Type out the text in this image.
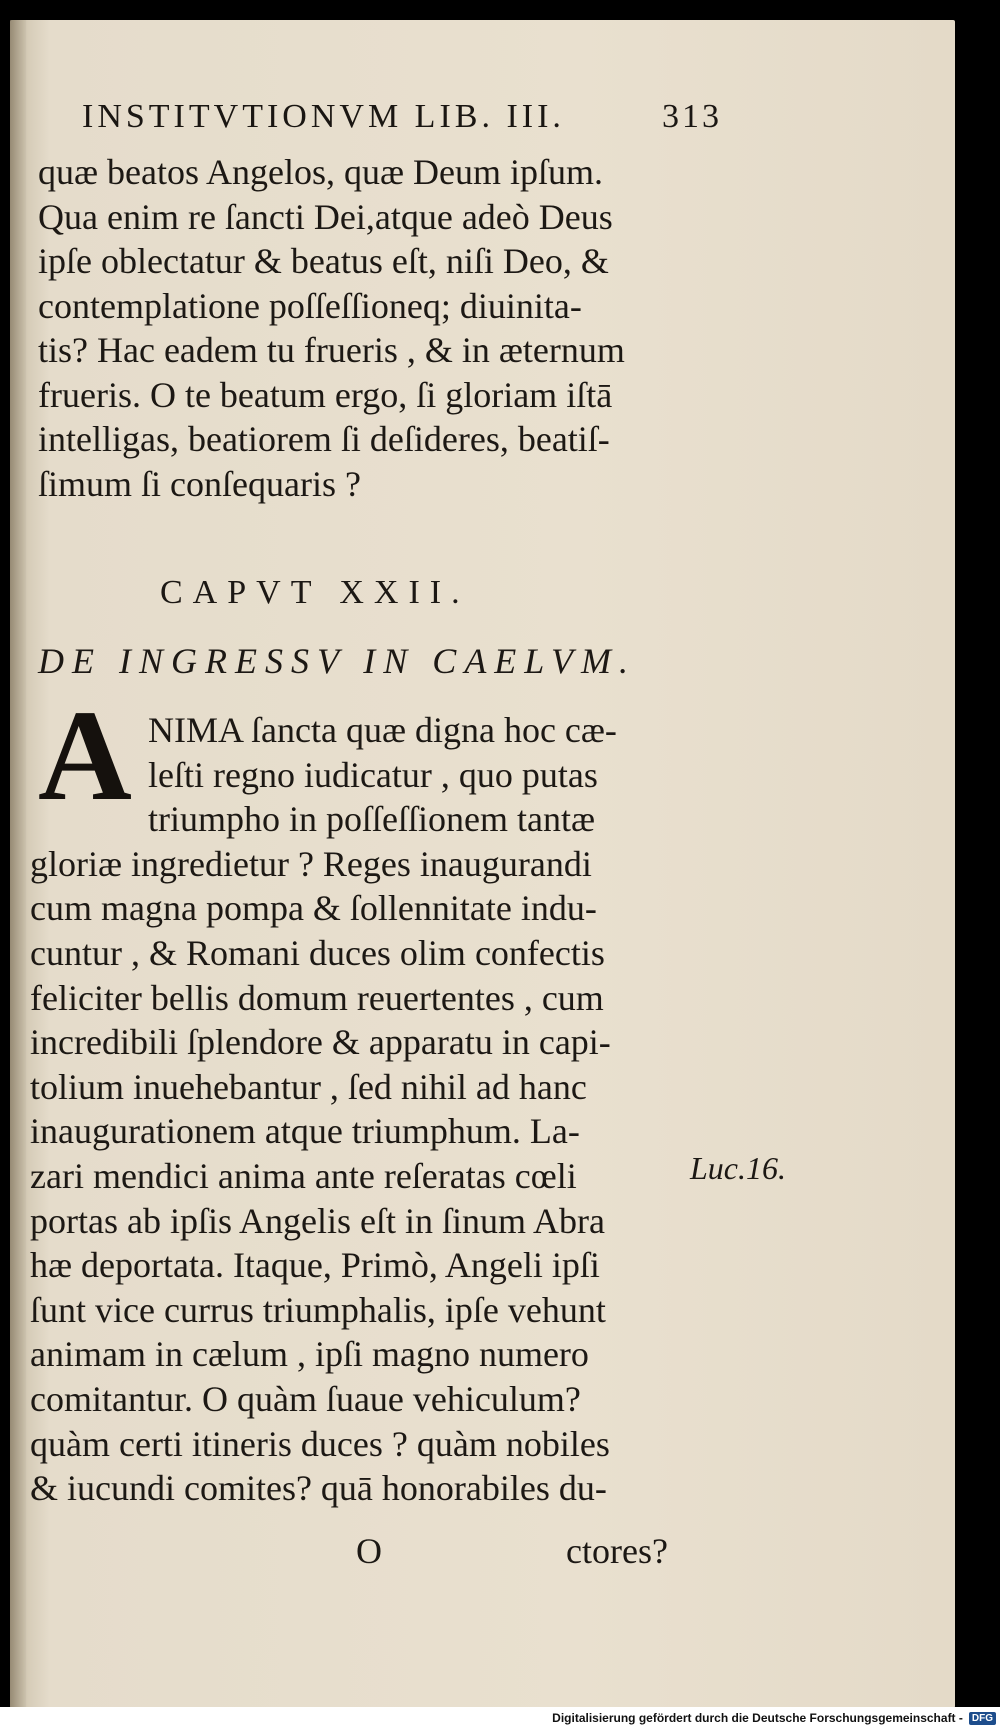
INSTITVTIONVM LIB. III.	313
quæ beatos Angelos, quæ Deum ipſum.
Qua enim re ſancti Dei,atque adeò Deus
ipſe oblectatur & beatus eſt, niſi Deo, &
contemplatione poſſeſſioneq; diuinita-
tis? Hac eadem tu frueris , & in æternum
frueris. O te beatum ergo, ſi gloriam iſtā
intelligas, beatiorem ſi deſideres, beatiſ-
ſimum ſi conſequaris ?
CAPVT XXII.
DE INGRESSV IN CAELVM.
A NIMA ſancta quæ digna hoc cæ-
leſti regno iudicatur , quo putas
triumpho in poſſeſſionem tantæ
gloriæ ingredietur ? Reges inaugurandi
cum magna pompa & ſollennitate indu-
cuntur , & Romani duces olim confectis
feliciter bellis domum reuertentes , cum
incredibili ſplendore & apparatu in capi-
tolium inuehebantur , ſed nihil ad hanc
inaugurationem atque triumphum. La-
zari mendici anima ante reſeratas cœli
portas ab ipſis Angelis eſt in ſinum Abra
hæ deportata. Itaque, Primò, Angeli ipſi
ſunt vice currus triumphalis, ipſe vehunt
animam in cælum , ipſi magno numero
comitantur. O quàm ſuaue vehiculum?
quàm certi itineris duces ? quàm nobiles
& iucundi comites? quā honorabiles du-
Luc.16.
O	ctores?
Digitalisierung gefördert durch die Deutsche Forschungsgemeinschaft - DFG
